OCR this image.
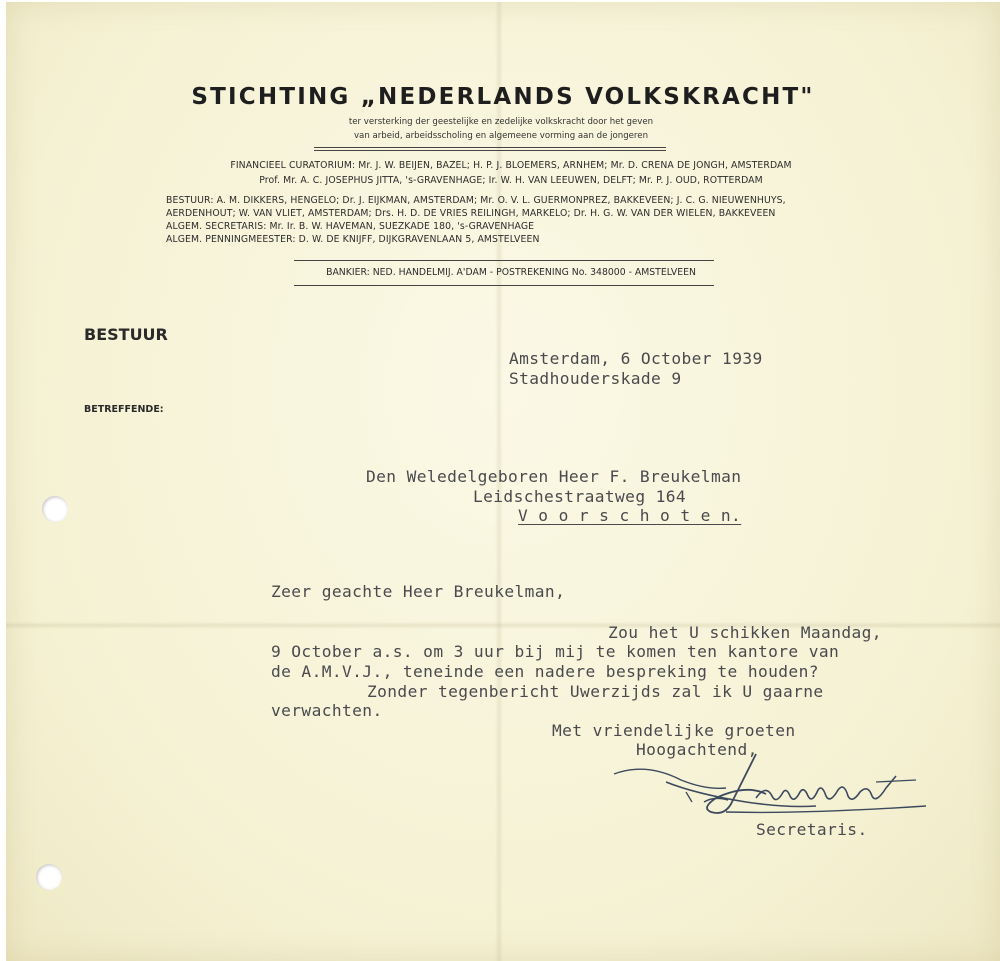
STICHTING „NEDERLANDS VOLKSKRACHT"
ter versterking der geestelijke en zedelijke volkskracht door het geven
van arbeid, arbeidsscholing en algemeene vorming aan de jongeren
FINANCIEEL CURATORIUM: Mr. J. W. BEIJEN, BAZEL; H. P. J. BLOEMERS, ARNHEM; Mr. D. CRENA DE JONGH, AMSTERDAM
Prof. Mr. A. C. JOSEPHUS JITTA, 's-GRAVENHAGE; Ir. W. H. VAN LEEUWEN, DELFT; Mr. P. J. OUD, ROTTERDAM
BESTUUR: A. M. DIKKERS, HENGELO; Dr. J. EIJKMAN, AMSTERDAM; Mr. O. V. L. GUERMONPREZ, BAKKEVEEN; J. C. G. NIEUWENHUYS,
AERDENHOUT; W. VAN VLIET, AMSTERDAM; Drs. H. D. DE VRIES REILINGH, MARKELO; Dr. H. G. W. VAN DER WIELEN, BAKKEVEEN
ALGEM. SECRETARIS: Mr. Ir. B. W. HAVEMAN, SUEZKADE 180, 's-GRAVENHAGE
ALGEM. PENNINGMEESTER: D. W. DE KNIJFF, DIJKGRAVENLAAN 5, AMSTELVEEN
BANKIER: NED. HANDELMIJ. A'DAM - POSTREKENING No. 348000 - AMSTELVEEN
BESTUUR
BETREFFENDE:
Amsterdam, 6 October 1939
Stadhouderskade 9
Den Weledelgeboren Heer F. Breukelman
Leidschestraatweg 164
V o o r s c h o t e n.
Zeer geachte Heer Breukelman,
Zou het U schikken Maandag,
9 October a.s. om 3 uur bij mij te komen ten kantore van
de A.M.V.J., teneinde een nadere bespreking te houden?
Zonder tegenbericht Uwerzijds zal ik U gaarne
verwachten.
Met vriendelijke groeten
Hoogachtend,
Secretaris.
